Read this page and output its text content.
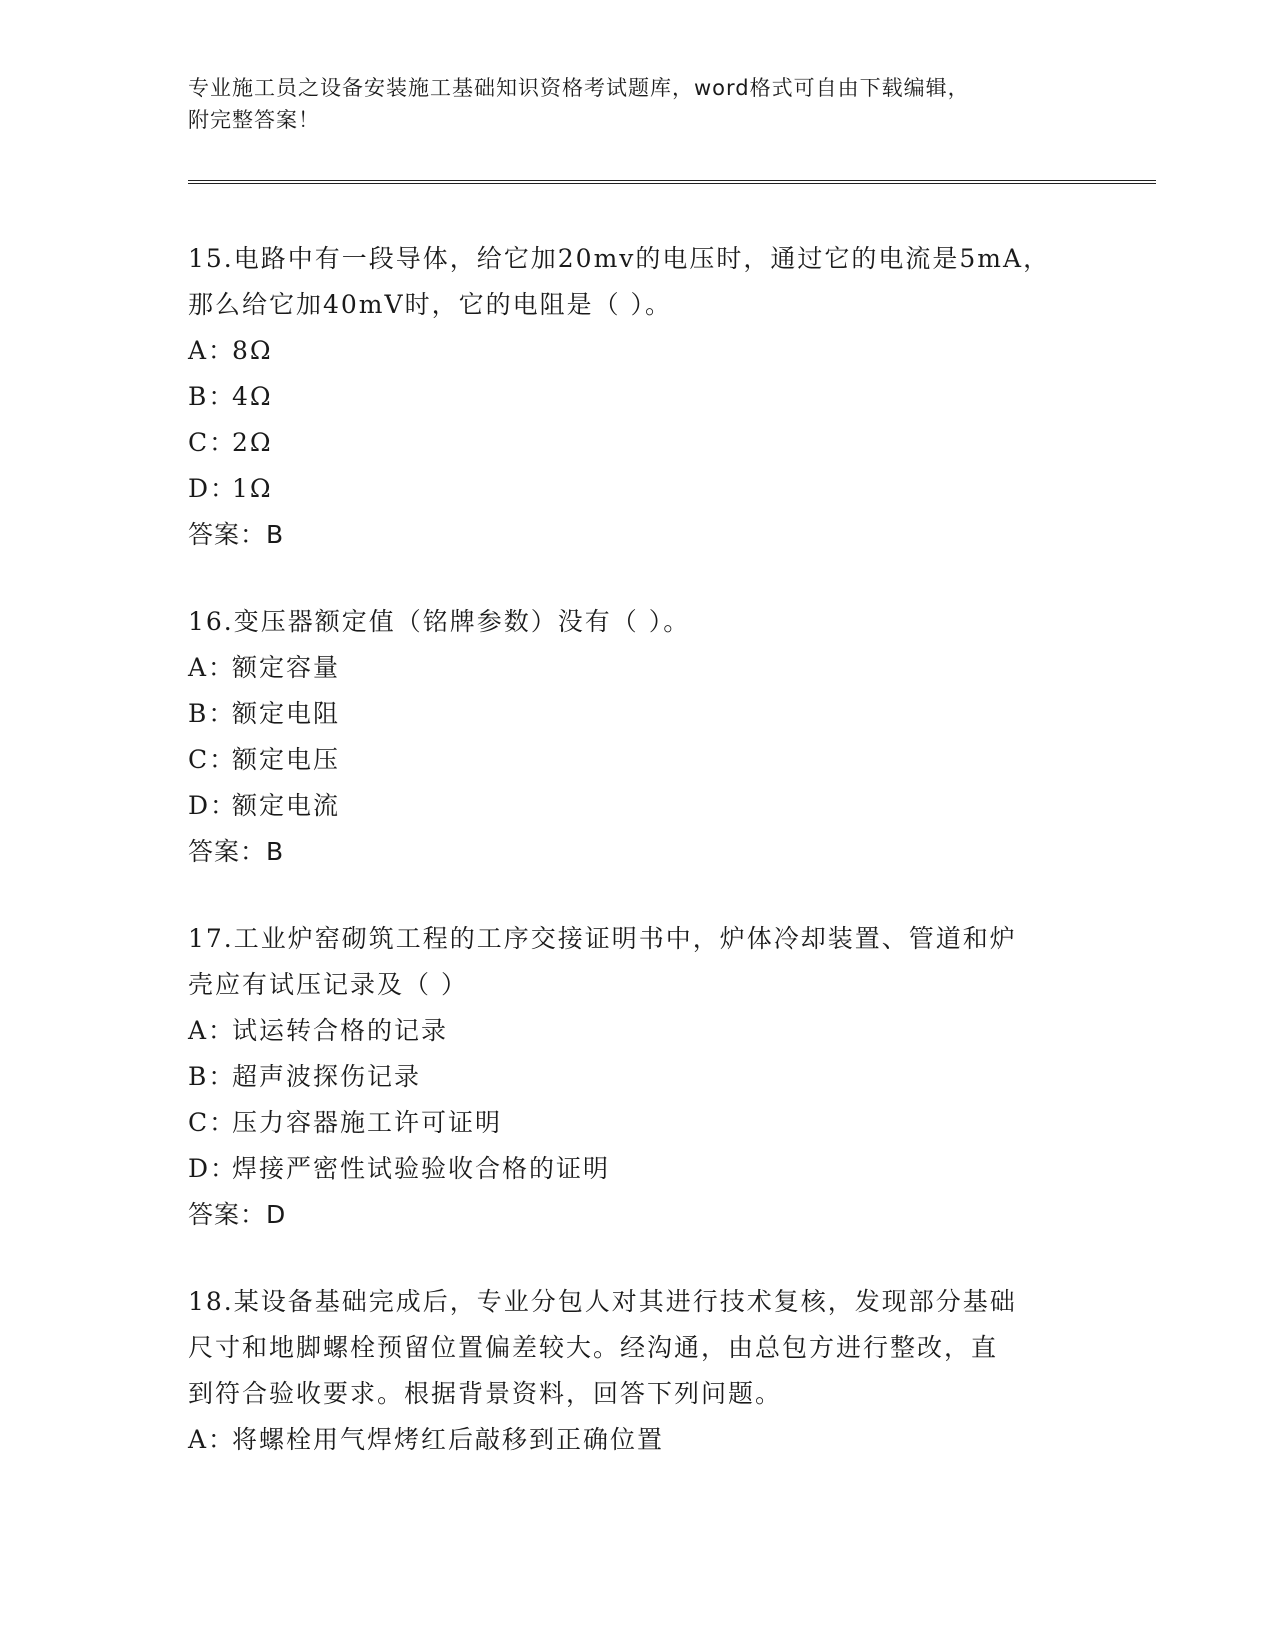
专业施工员之设备安装施工基础知识资格考试题库，word格式可自由下载编辑，
附完整答案！
15.电路中有一段导体，给它加20mv的电压时，通过它的电流是5mA，
那么给它加40mV时，它的电阻是（ ）。
A：
8Ω
B：
4Ω
C：
2Ω
D：
1Ω
答案：B
16.变压器额定值（铭牌参数）没有（ ）。
A：
额定容量
B：
额定电阻
C：
额定电压
D：
额定电流
答案：B
17.工业炉窑砌筑工程的工序交接证明书中，炉体冷却装置、管道和炉
壳应有试压记录及（ ）
A：
试运转合格的记录
B：
超声波探伤记录
C：
压力容器施工许可证明
D：
焊接严密性试验验收合格的证明
答案：D
18.某设备基础完成后，专业分包人对其进行技术复核，发现部分基础
尺寸和地脚螺栓预留位置偏差较大。经沟通，由总包方进行整改，直
到符合验收要求。根据背景资料，回答下列问题。
A：
将螺栓用气焊烤红后敲移到正确位置
